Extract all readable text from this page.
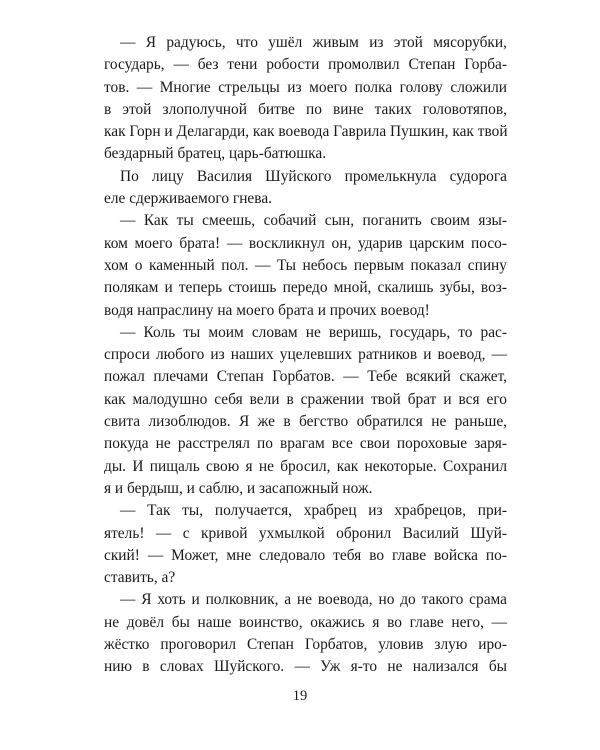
— Я радуюсь, что ушёл живым из этой мясорубки,
государь, — без тени робости промолвил Степан Горба-
тов. — Многие стрельцы из моего полка голову сложили
в этой злополучной битве по вине таких головотяпов,
как Горн и Делагарди, как воевода Гаврила Пушкин, как твой
бездарный братец, царь-батюшка.
По лицу Василия Шуйского промелькнула судорога
еле сдерживаемого гнева.
— Как ты смеешь, собачий сын, поганить своим язы-
ком моего брата! — воскликнул он, ударив царским посо-
хом о каменный пол. — Ты небось первым показал спину
полякам и теперь стоишь передо мной, скалишь зубы, воз-
водя напраслину на моего брата и прочих воевод!
— Коль ты моим словам не веришь, государь, то рас-
спроси любого из наших уцелевших ратников и воевод, —
пожал плечами Степан Горбатов. — Тебе всякий скажет,
как малодушно себя вели в сражении твой брат и вся его
свита лизоблюдов. Я же в бегство обратился не раньше,
покуда не расстрелял по врагам все свои пороховые заря-
ды. И пищаль свою я не бросил, как некоторые. Сохранил
я и бердыш, и саблю, и засапожный нож.
— Так ты, получается, храбрец из храбрецов, при-
ятель! — с кривой ухмылкой обронил Василий Шуй-
ский! — Может, мне следовало тебя во главе войска по-
ставить, а?
— Я хоть и полковник, а не воевода, но до такого срама
не довёл бы наше воинство, окажись я во главе него, —
жёстко проговорил Степан Горбатов, уловив злую иро-
нию в словах Шуйского. — Уж я-то не нализался бы
19
